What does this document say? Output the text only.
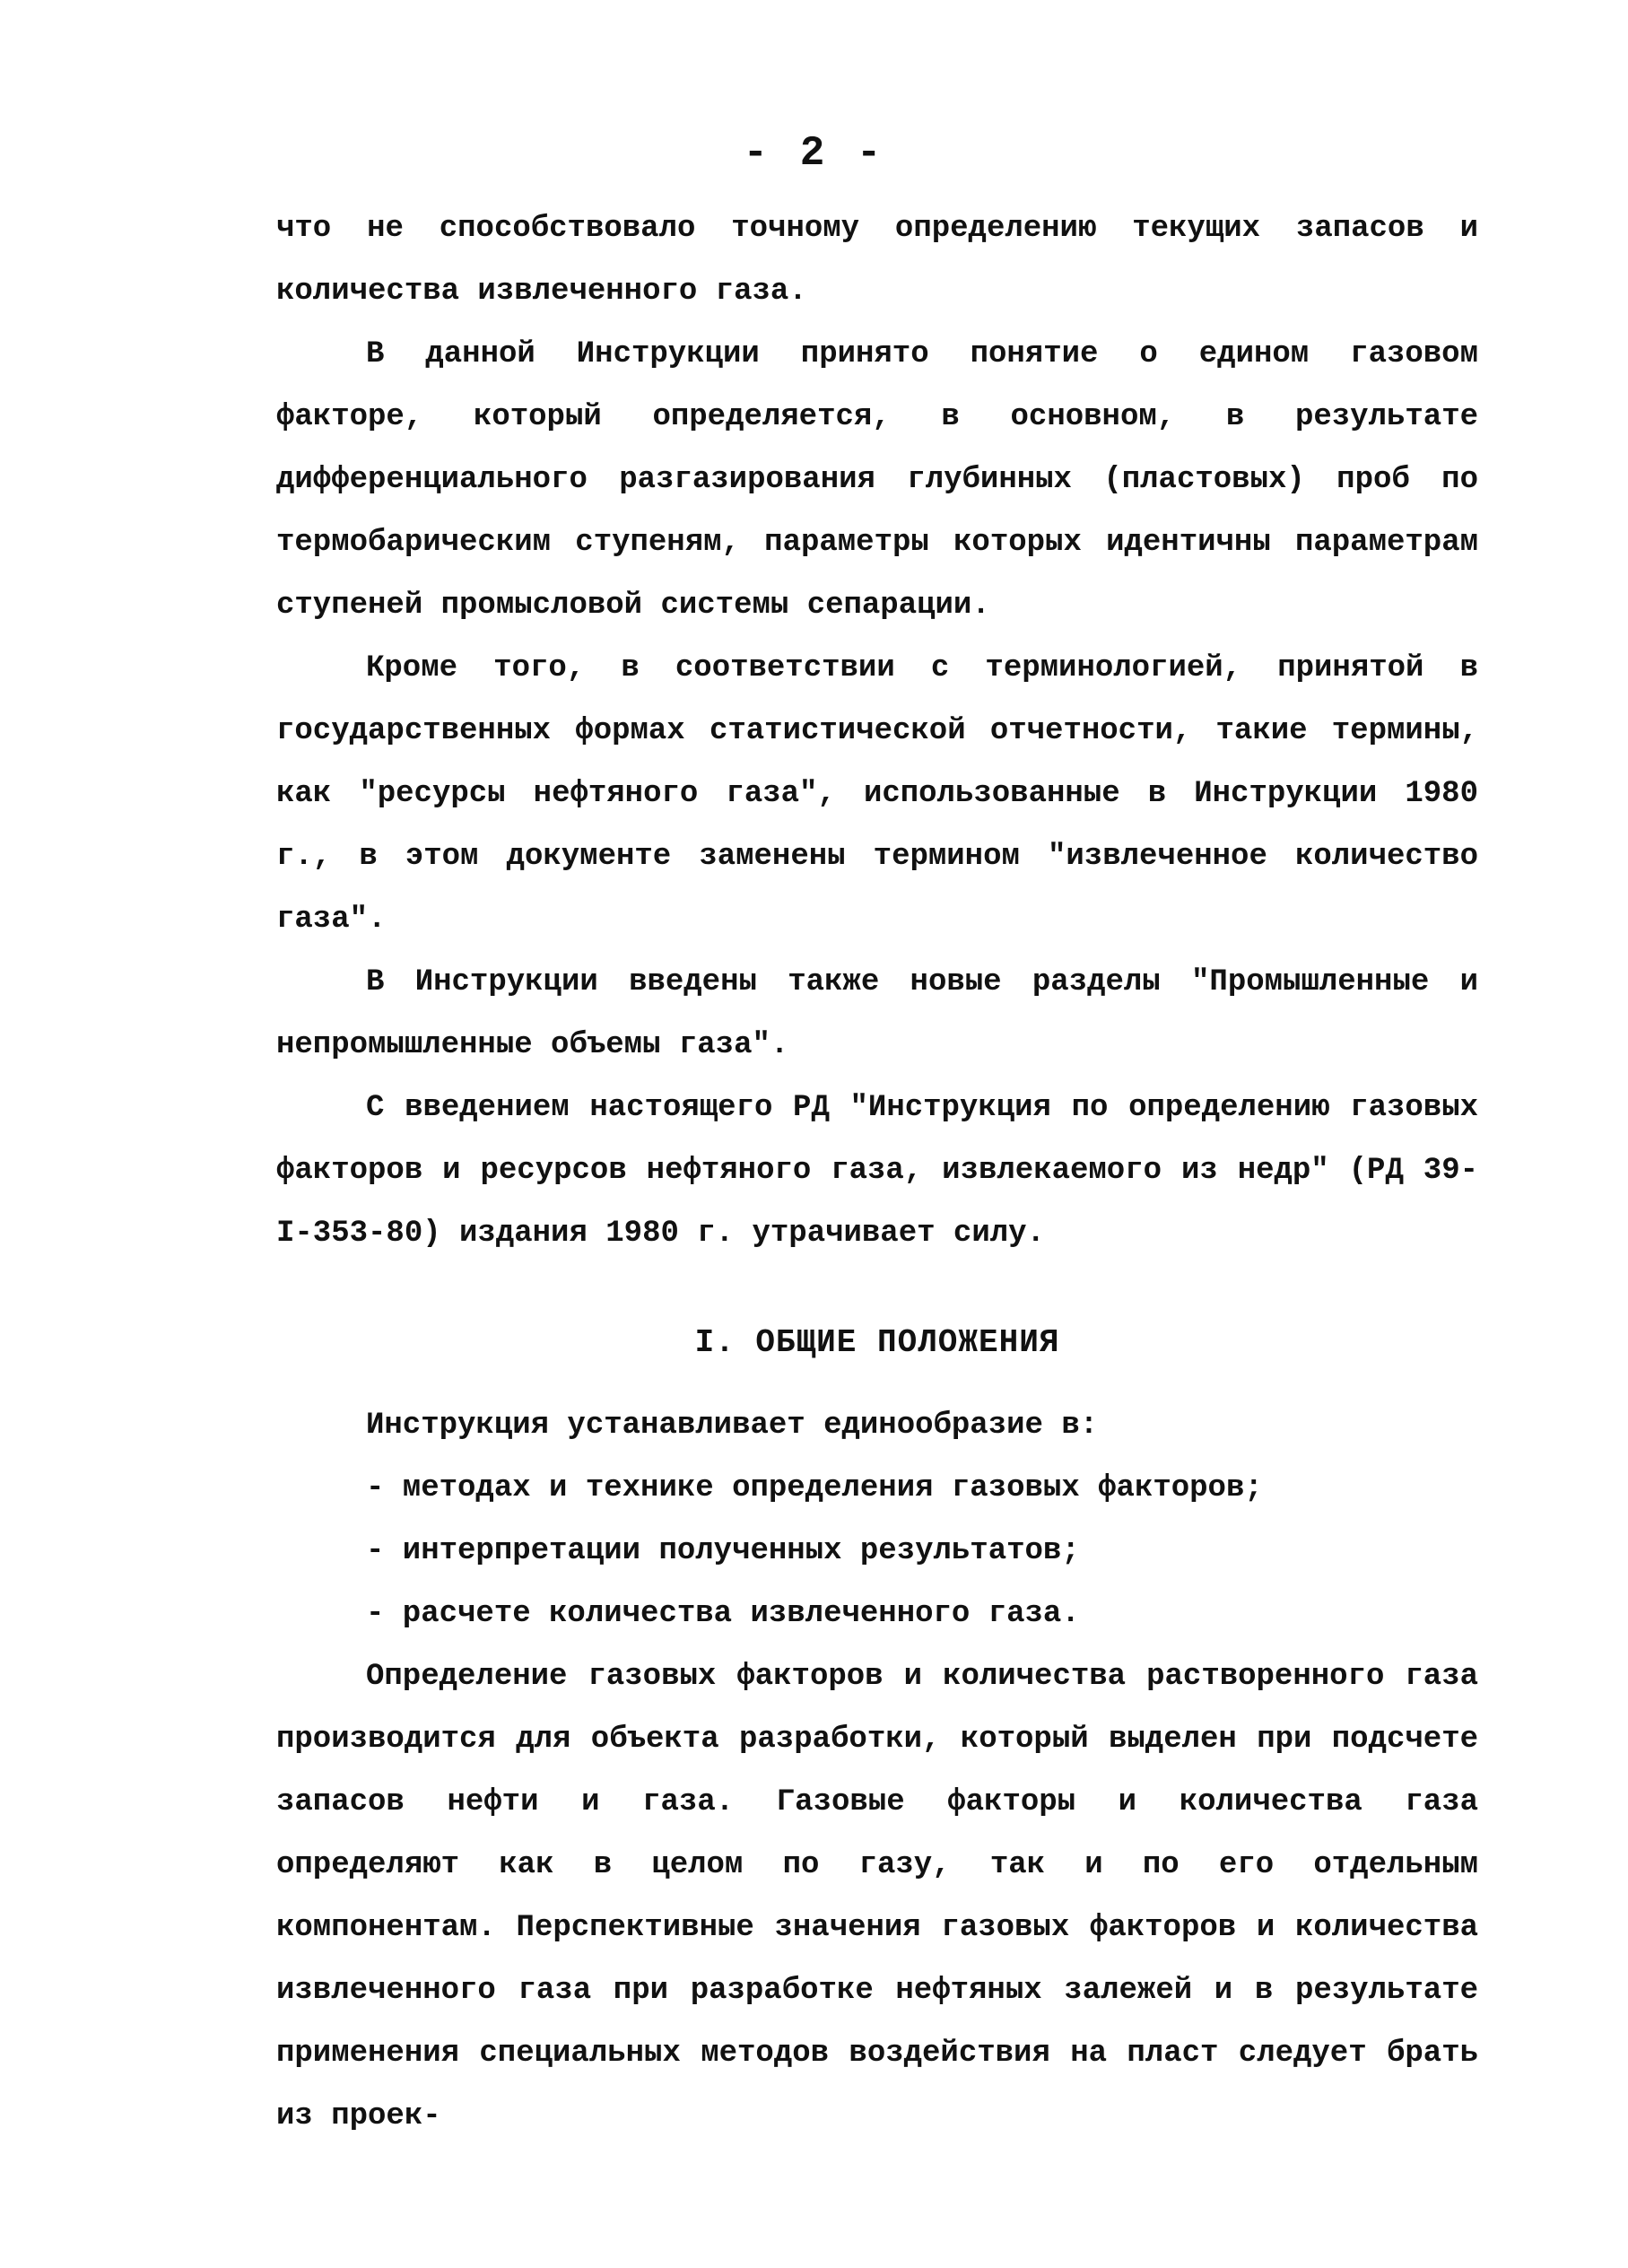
- 2 -

что не способствовало точному определению текущих запасов и количества извлеченного газа.

В данной Инструкции принято понятие о едином газовом факторе, который определяется, в основном, в результате дифференциального разгазирования глубинных (пластовых) проб по термобарическим ступеням, параметры которых идентичны параметрам ступеней промысловой системы сепарации.

Кроме того, в соответствии с терминологией, принятой в государственных формах статистической отчетности, такие термины, как "ресурсы нефтяного газа", использованные в Инструкции 1980 г., в этом документе заменены термином "извлеченное количество газа".

В Инструкции введены также новые разделы "Промышленные и непромышленные объемы газа".

С введением настоящего РД "Инструкция по определению газовых факторов и ресурсов нефтяного газа, извлекаемого из недр" (РД 39-I-353-80) издания 1980 г. утрачивает силу.

I. ОБЩИЕ ПОЛОЖЕНИЯ

Инструкция устанавливает единообразие в:

- методах и технике определения газовых факторов;
- интерпретации полученных результатов;
- расчете количества извлеченного газа.

Определение газовых факторов и количества растворенного газа производится для объекта разработки, который выделен при подсчете запасов нефти и газа. Газовые факторы и количества газа определяют как в целом по газу, так и по его отдельным компонентам. Перспективные значения газовых факторов и количества извлеченного газа при разработке нефтяных залежей и в результате применения специальных методов воздействия на пласт следует брать из проек-
